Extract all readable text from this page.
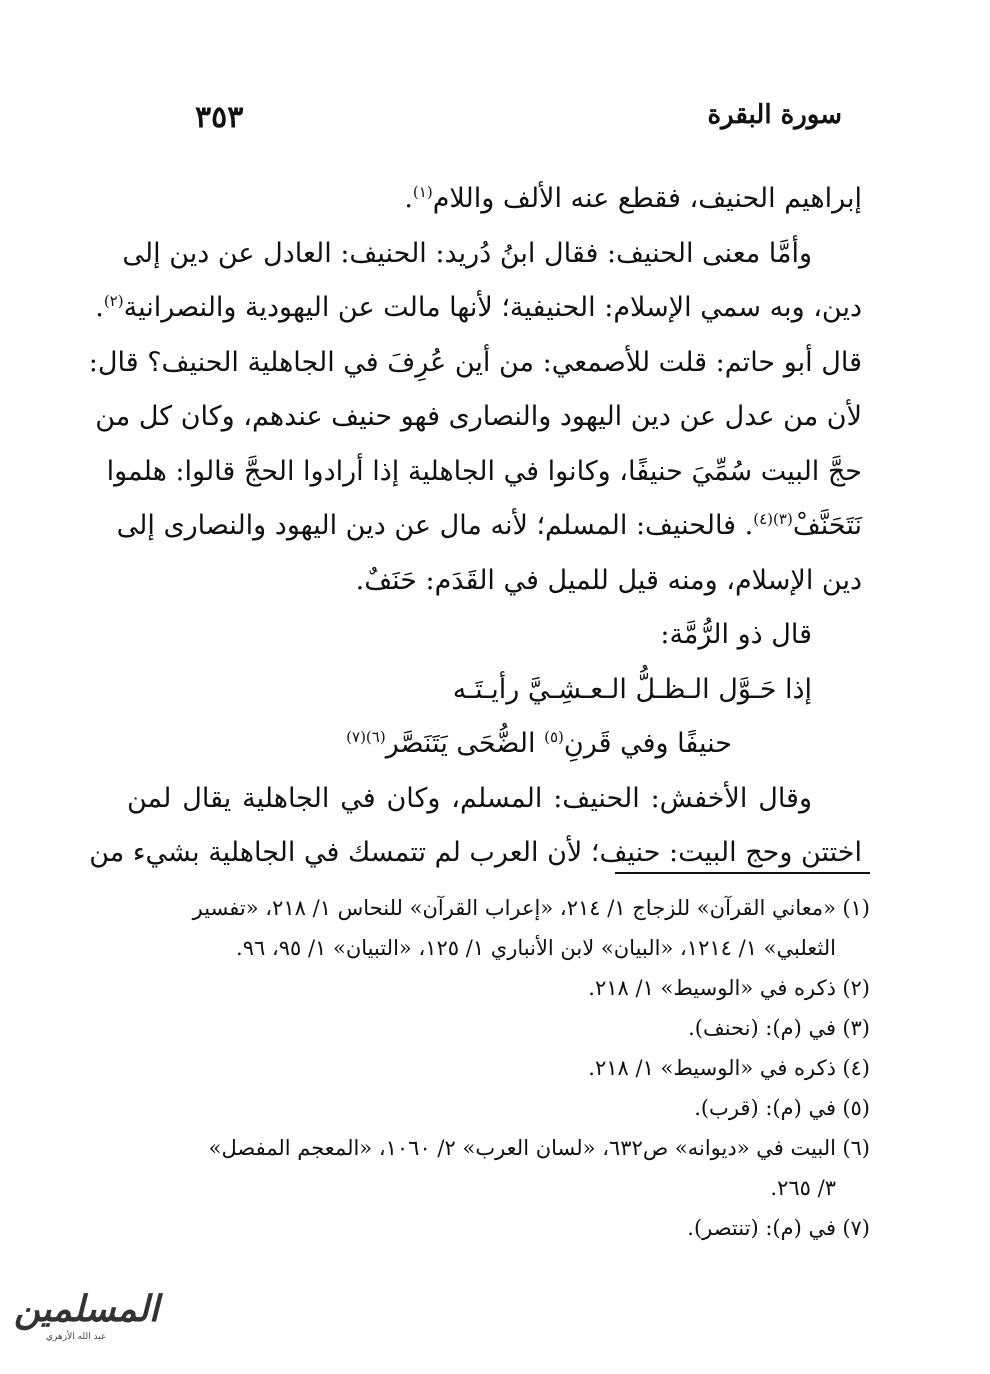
سورة البقرة
٣٥٣
إبراهيم الحنيف، فقطع عنه الألف واللام$^{(١)}$.
وأمَّا معنى الحنيف: فقال ابنُ دُريد: الحنيف: العادل عن دين إلى
دين، وبه سمي الإسلام: الحنيفية؛ لأنها مالت عن اليهودية والنصرانية$^{(٢)}$.
قال أبو حاتم: قلت للأصمعي: من أين عُرِفَ في الجاهلية الحنيف؟ قال:
لأن من عدل عن دين اليهود والنصارى فهو حنيف عندهم، وكان كل من
حجَّ البيت سُمِّيَ حنيفًا، وكانوا في الجاهلية إذا أرادوا الحجَّ قالوا: هلموا
نَتَحَنَّفْ$^{(٣)(٤)}$. فالحنيف: المسلم؛ لأنه مال عن دين اليهود والنصارى إلى
دين الإسلام، ومنه قيل للميل في القَدَم: حَنَفٌ.
قال ذو الرُّمَّة:
إذا حَـوَّل الـظـلُّ الـعـشِـيَّ رأيـتَـه
حنيفًا وفي قَرنِ$^{(٥)}$ الضُّحَى يَتَنَصَّر$^{(٦)(٧)}$
وقال الأخفش: الحنيف: المسلم، وكان في الجاهلية يقال لمن
اختتن وحج البيت: حنيف؛ لأن العرب لم تتمسك في الجاهلية بشيء من
(١)«معاني القرآن» للزجاج ١/ ٢١٤، «إعراب القرآن» للنحاس ١/ ٢١٨، «تفسير
الثعلبي» ١/ ١٢١٤، «البيان» لابن الأنباري ١/ ١٢٥، «التبيان» ١/ ٩٥، ٩٦.
(٢)ذكره في «الوسيط» ١/ ٢١٨.
(٣)في (م): (نحنف).
(٤)ذكره في «الوسيط» ١/ ٢١٨.
(٥)في (م): (قرب).
(٦)البيت في «ديوانه» ص٦٣٢، «لسان العرب» ٢/ ١٠٦٠، «المعجم المفصل»
٣/ ٢٦٥.
(٧)في (م): (تنتصر).
المسلمين
عبد الله الأزهري
